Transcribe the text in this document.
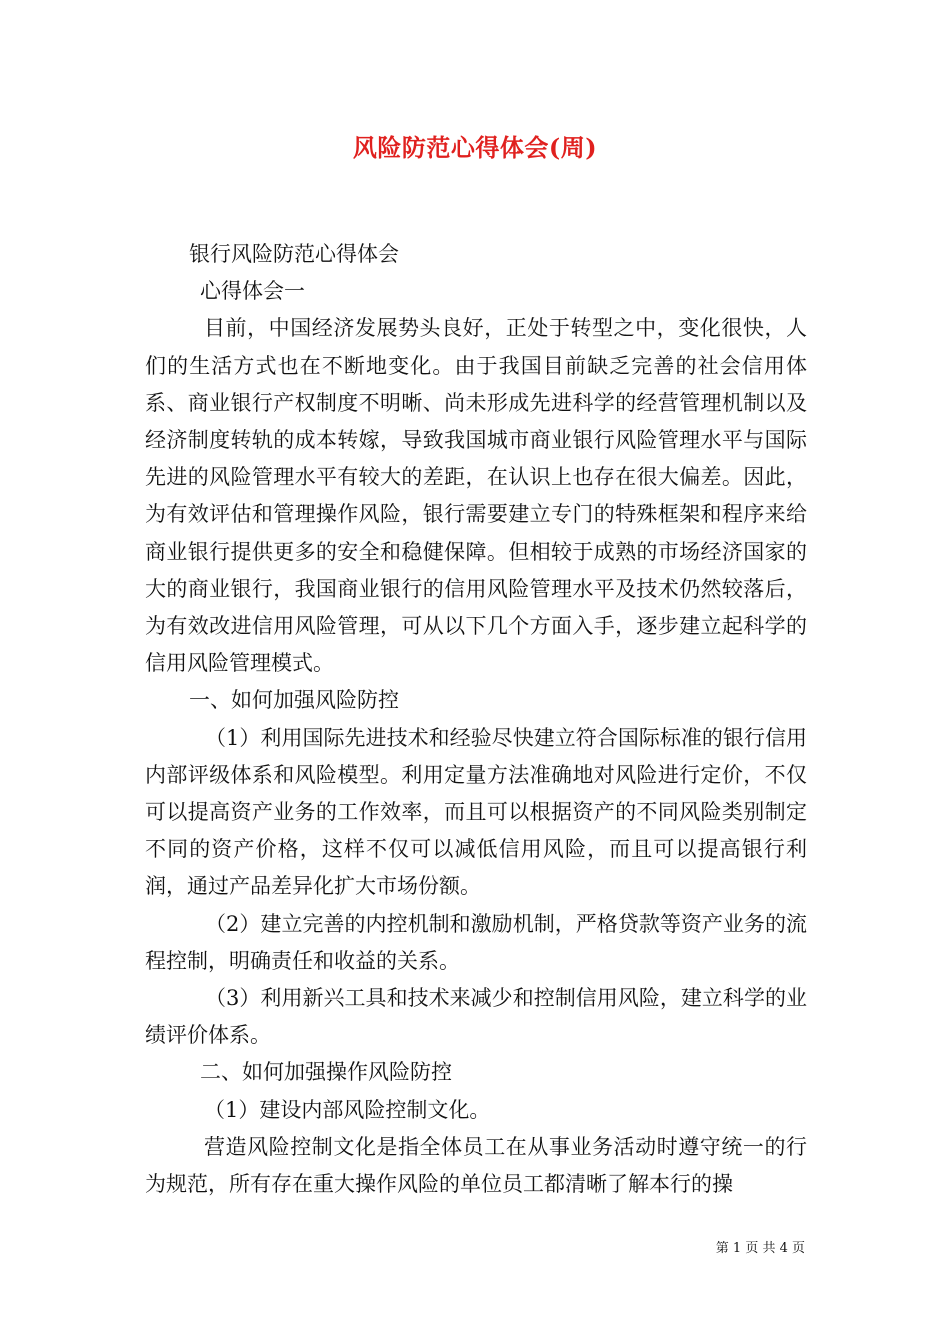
风险防范心得体会(周)

银行风险防范心得体会

心得体会一

目前，中国经济发展势头良好，正处于转型之中，变化很快，人们的生活方式也在不断地变化。由于我国目前缺乏完善的社会信用体系、商业银行产权制度不明晰、尚未形成先进科学的经营管理机制以及经济制度转轨的成本转嫁，导致我国城市商业银行风险管理水平与国际先进的风险管理水平有较大的差距，在认识上也存在很大偏差。因此，为有效评估和管理操作风险，银行需要建立专门的特殊框架和程序来给商业银行提供更多的安全和稳健保障。但相较于成熟的市场经济国家的大的商业银行，我国商业银行的信用风险管理水平及技术仍然较落后，为有效改进信用风险管理，可从以下几个方面入手，逐步建立起科学的信用风险管理模式。

一、如何加强风险防控

（1）利用国际先进技术和经验尽快建立符合国际标准的银行信用内部评级体系和风险模型。利用定量方法准确地对风险进行定价，不仅可以提高资产业务的工作效率，而且可以根据资产的不同风险类别制定不同的资产价格，这样不仅可以减低信用风险，而且可以提高银行利润，通过产品差异化扩大市场份额。

（2）建立完善的内控机制和激励机制，严格贷款等资产业务的流程控制，明确责任和收益的关系。

（3）利用新兴工具和技术来减少和控制信用风险，建立科学的业绩评价体系。

二、如何加强操作风险防控

（1）建设内部风险控制文化。

营造风险控制文化是指全体员工在从事业务活动时遵守统一的行为规范，所有存在重大操作风险的单位员工都清晰了解本行的操

第 1 页 共 4 页
